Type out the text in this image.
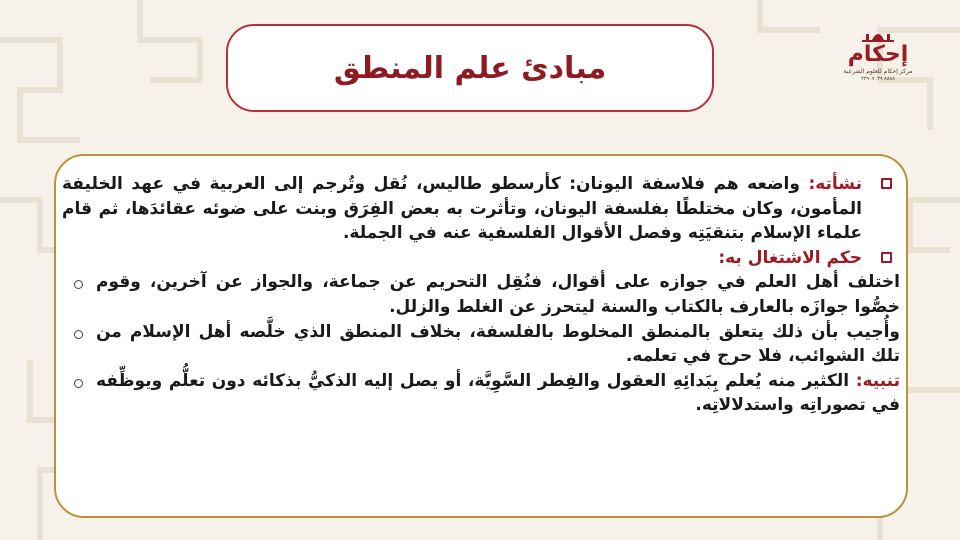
مبادئ علم المنطق	إحكام
مركز إحكام للعلوم الشرعية
٨٨٨٨ ٢٣٩٠٧٠٣٩
نشأته: واضعه هم فلاسفة اليونان: كأرسطو طاليس، نُقل وتُرجم إلى العربية في عهد الخليفة المأمون، وكان مختلطًا بفلسفة اليونان، وتأثرت به بعض الفِرَق وبنت على ضوئه عقائدَها، ثم قام علماء الإسلام بتنقيَتِه وفصل الأقوال الفلسفية عنه في الجملة.
حكم الاشتغال به:
اختلف أهل العلم في جوازه على أقوال، فنُقِل التحريم عن جماعة، والجواز عن آخرين، وقوم خصُّوا جوازَه بالعارف بالكتاب والسنة ليتحرز عن الغلط والزلل.
وأُجيب بأن ذلك يتعلق بالمنطق المخلوط بالفلسفة، بخلاف المنطق الذي خلَّصه أهل الإسلام من تلك الشوائب، فلا حرج في تعلمه.
تنبيه: الكثير منه يُعلم بِبَدائِهِ العقول والفِطر السَّوِيَّة، أو يصل إليه الذكيُّ بذكائه دون تعلُّم ويوظِّفه في تصوراتِه واستدلالاتِه.
